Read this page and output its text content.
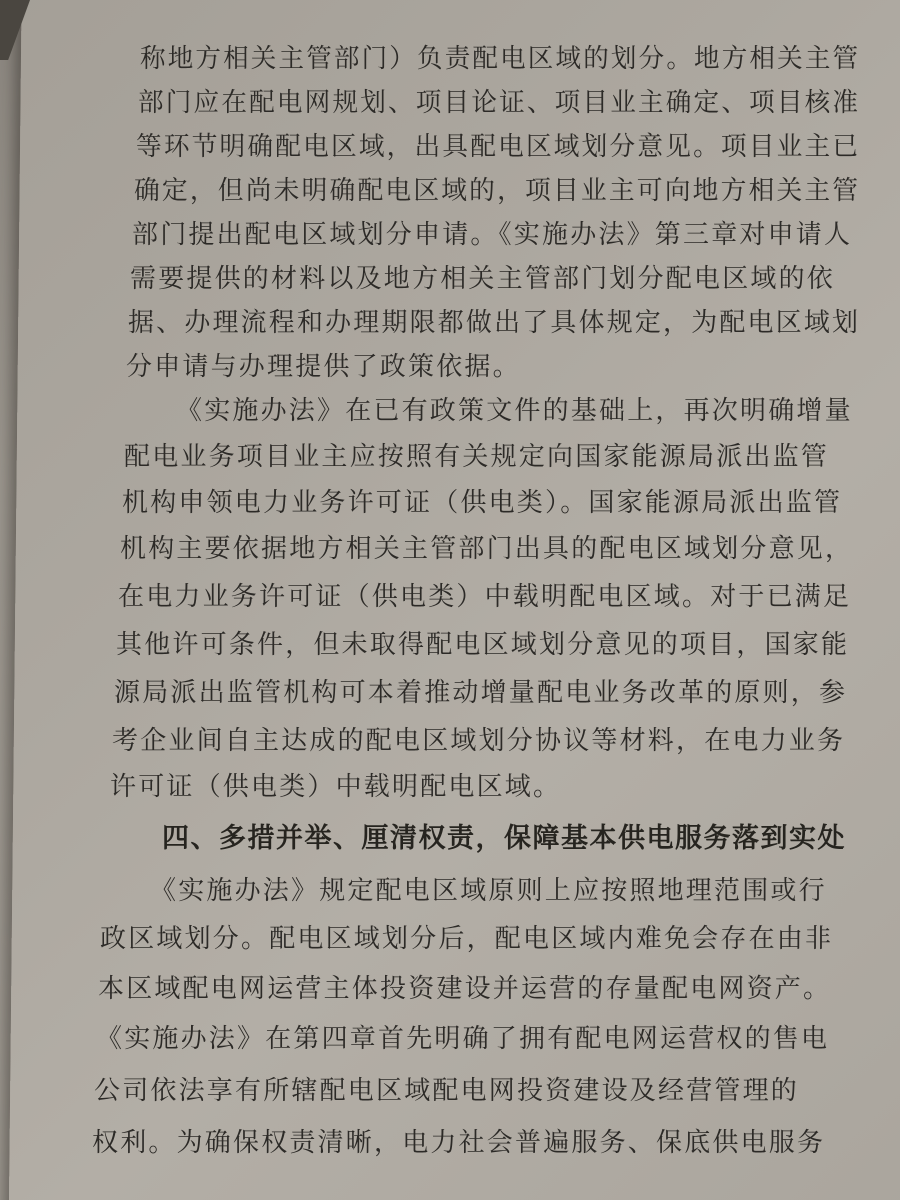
称地方相关主管部门）负责配电区域的划分。地方相关主管
部门应在配电网规划、项目论证、项目业主确定、项目核准
等环节明确配电区域，出具配电区域划分意见。项目业主已
确定，但尚未明确配电区域的，项目业主可向地方相关主管
部门提出配电区域划分申请。《实施办法》第三章对申请人
需要提供的材料以及地方相关主管部门划分配电区域的依
据、办理流程和办理期限都做出了具体规定，为配电区域划
分申请与办理提供了政策依据。
《实施办法》在已有政策文件的基础上，再次明确增量
配电业务项目业主应按照有关规定向国家能源局派出监管
机构申领电力业务许可证（供电类）。国家能源局派出监管
机构主要依据地方相关主管部门出具的配电区域划分意见，
在电力业务许可证（供电类）中载明配电区域。对于已满足
其他许可条件，但未取得配电区域划分意见的项目，国家能
源局派出监管机构可本着推动增量配电业务改革的原则，参
考企业间自主达成的配电区域划分协议等材料，在电力业务
许可证（供电类）中载明配电区域。
四、多措并举、厘清权责，保障基本供电服务落到实处
《实施办法》规定配电区域原则上应按照地理范围或行
政区域划分。配电区域划分后，配电区域内难免会存在由非
本区域配电网运营主体投资建设并运营的存量配电网资产。
《实施办法》在第四章首先明确了拥有配电网运营权的售电
公司依法享有所辖配电区域配电网投资建设及经营管理的
权利。为确保权责清晰，电力社会普遍服务、保底供电服务
